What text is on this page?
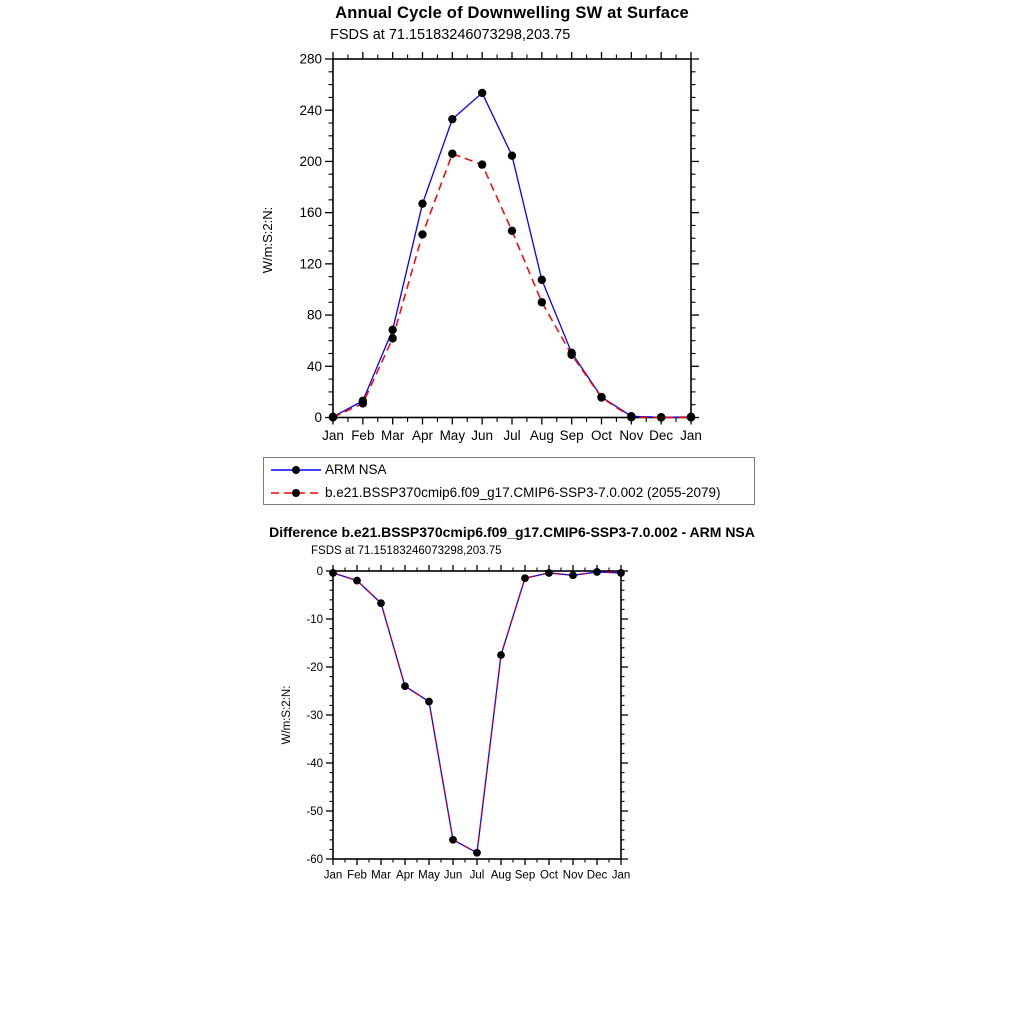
Annual Cycle of Downwelling SW at Surface
FSDS at 71.15183246073298,203.75
W/m:S:2:N:
0
40
80
120
160
200
240
280
Jan Feb Mar Apr May Jun Jul Aug Sep Oct Nov Dec Jan
ARM NSA
b.e21.BSSP370cmip6.f09_g17.CMIP6-SSP3-7.0.002 (2055-2079)
Difference b.e21.BSSP370cmip6.f09_g17.CMIP6-SSP3-7.0.002 - ARM NSA
FSDS at 71.15183246073298,203.75
W/m:S:2:N:
-60
-50
-40
-30
-20
-10
0
Jan Feb Mar Apr May Jun Jul Aug Sep Oct Nov Dec Jan
